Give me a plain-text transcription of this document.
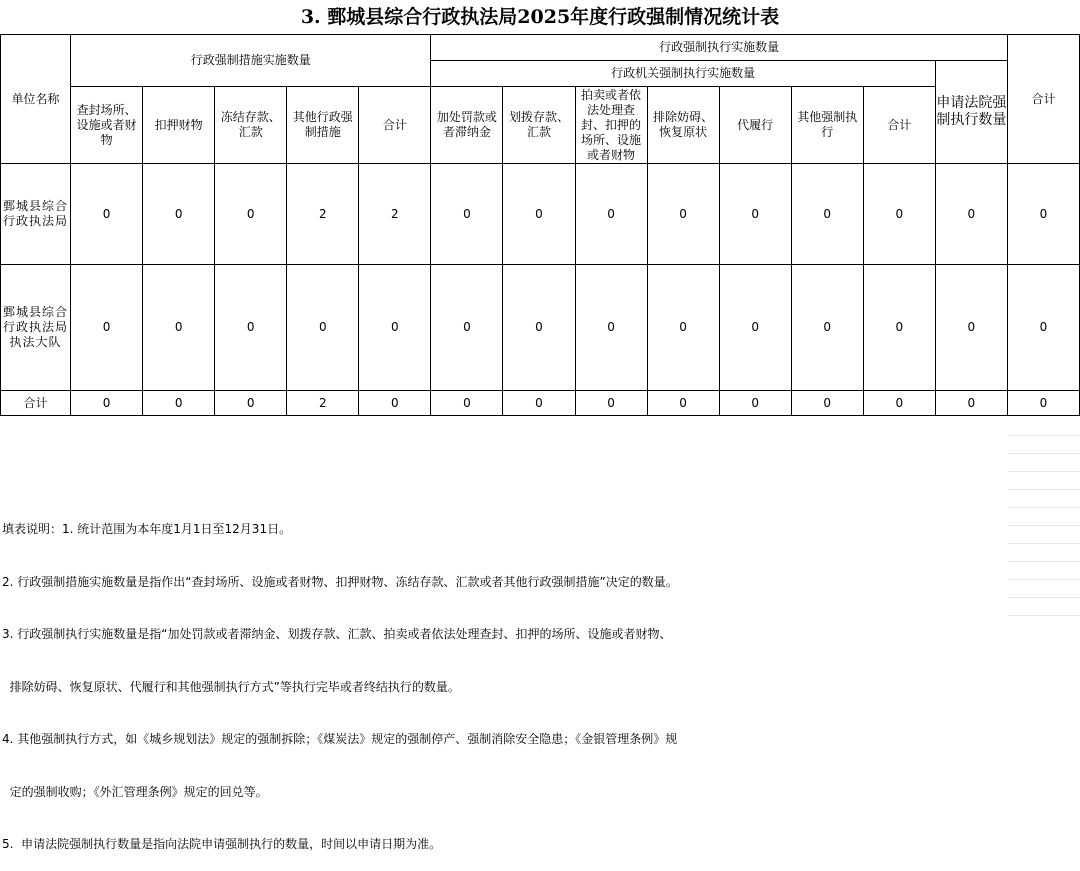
3. 鄄城县综合行政执法局2025年度行政强制情况统计表
单位名称	行政强制措施实施数量					行政强制执行实施数量								合计
						行政机关强制执行实施数量							申请法院强制执行数量	
	查封场所、设施或者财物	扣押财物	冻结存款、汇款	其他行政强制措施	合计	加处罚款或者滞纳金	划拨存款、汇款	拍卖或者依法处理查封、扣押的场所、设施或者财物	排除妨碍、恢复原状	代履行	其他强制执行	合计		
鄄城县综合行政执法局	0	0	0	2	2	0	0	0	0	0	0	0	0	0
鄄城县综合行政执法局执法大队	0	0	0	0	0	0	0	0	0	0	0	0	0	0
合计	0	0	0	2	0	0	0	0	0	0	0	0	0	0

填表说明：1. 统计范围为本年度1月1日至12月31日。

2. 行政强制措施实施数量是指作出“查封场所、设施或者财物、扣押财物、冻结存款、汇款或者其他行政强制措施”决定的数量。

3. 行政强制执行实施数量是指“加处罚款或者滞纳金、划拨存款、汇款、拍卖或者依法处理查封、扣押的场所、设施或者财物、

排除妨碍、恢复原状、代履行和其他强制执行方式”等执行完毕或者终结执行的数量。

4. 其他强制执行方式，如《城乡规划法》规定的强制拆除；《煤炭法》规定的强制停产、强制消除安全隐患；《金银管理条例》规

定的强制收购；《外汇管理条例》规定的回兑等。

5.  申请法院强制执行数量是指向法院申请强制执行的数量，时间以申请日期为准。
